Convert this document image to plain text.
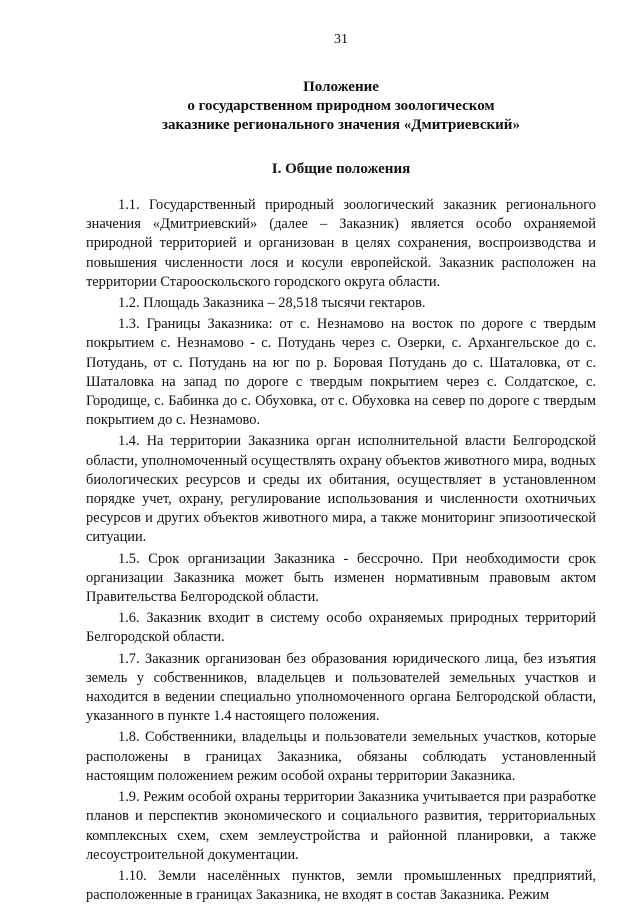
31
Положение
о государственном природном зоологическом
заказнике регионального значения «Дмитриевский»
I. Общие положения

1.1. Государственный природный зоологический заказник регионального значения «Дмитриевский» (далее – Заказник) является особо охраняемой природной территорией и организован в целях сохранения, воспроизводства и повышения численности лося и косули европейской. Заказник расположен на территории Старооскольского городского округа области.

1.2. Площадь Заказника – 28,518 тысячи гектаров.

1.3. Границы Заказника: от с. Незнамово на восток по дороге с твердым покрытием с. Незнамово - с. Потудань через с. Озерки, с. Архангельское до с. Потудань, от с. Потудань на юг по р. Боровая Потудань до с. Шаталовка, от с. Шаталовка на запад по дороге с твердым покрытием через с. Солдатское, с. Городище, с. Бабинка до с. Обуховка, от с. Обуховка на север по дороге с твердым покрытием до с. Незнамово.

1.4. На территории Заказника орган исполнительной власти Белгородской области, уполномоченный осуществлять охрану объектов животного мира, водных биологических ресурсов и среды их обитания, осуществляет в установленном порядке учет, охрану, регулирование использования и численности охотничьих ресурсов и других объектов животного мира, а также мониторинг эпизоотической ситуации.

1.5. Срок организации Заказника - бессрочно. При необходимости срок организации Заказника может быть изменен нормативным правовым актом Правительства Белгородской области.

1.6. Заказник входит в систему особо охраняемых природных территорий Белгородской области.

1.7. Заказник организован без образования юридического лица, без изъятия земель у собственников, владельцев и пользователей земельных участков и находится в ведении специально уполномоченного органа Белгородской области, указанного в пункте 1.4 настоящего положения.

1.8. Собственники, владельцы и пользователи земельных участков, которые расположены в границах Заказника, обязаны соблюдать установленный настоящим положением режим особой охраны территории Заказника.

1.9. Режим особой охраны территории Заказника учитывается при разработке планов и перспектив экономического и социального развития, территориальных комплексных схем, схем землеустройства и районной планировки, а также лесоустроительной документации.

1.10. Земли населённых пунктов, земли промышленных предприятий, расположенные в границах Заказника, не входят в состав Заказника. Режим
